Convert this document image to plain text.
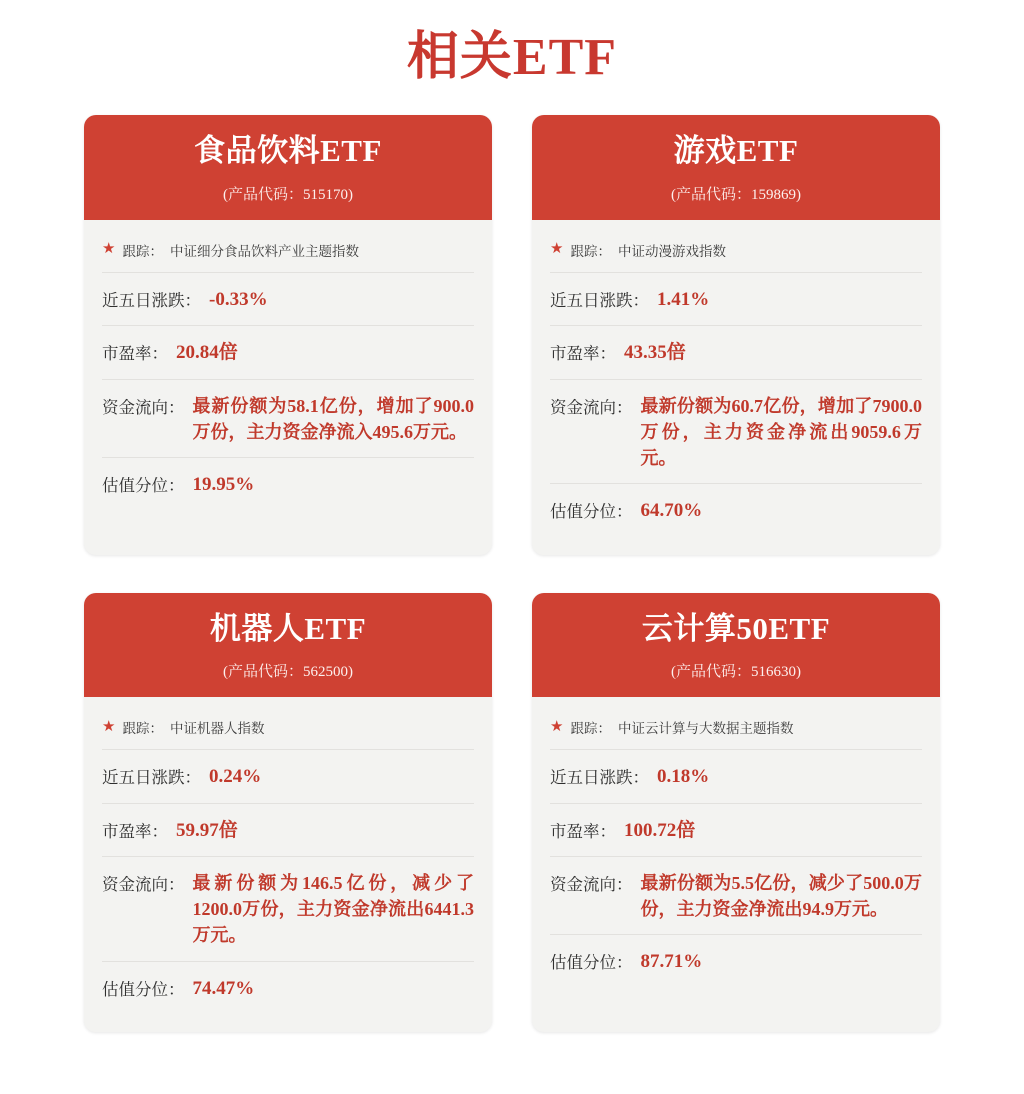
相关ETF
食品饮料ETF
(产品代码：515170)
★ 跟踪： 中证细分食品饮料产业主题指数
近五日涨跌： -0.33%
市盈率： 20.84倍
资金流向： 最新份额为58.1亿份，增加了900.0万份，主力资金净流入495.6万元。
估值分位： 19.95%
游戏ETF
(产品代码：159869)
★ 跟踪： 中证动漫游戏指数
近五日涨跌： 1.41%
市盈率： 43.35倍
资金流向： 最新份额为60.7亿份，增加了7900.0万份，主力资金净流出9059.6万元。
估值分位： 64.70%
机器人ETF
(产品代码：562500)
★ 跟踪： 中证机器人指数
近五日涨跌： 0.24%
市盈率： 59.97倍
资金流向： 最新份额为146.5亿份，减少了1200.0万份，主力资金净流出6441.3万元。
估值分位： 74.47%
云计算50ETF
(产品代码：516630)
★ 跟踪： 中证云计算与大数据主题指数
近五日涨跌： 0.18%
市盈率： 100.72倍
资金流向： 最新份额为5.5亿份，减少了500.0万份，主力资金净流出94.9万元。
估值分位： 87.71%
